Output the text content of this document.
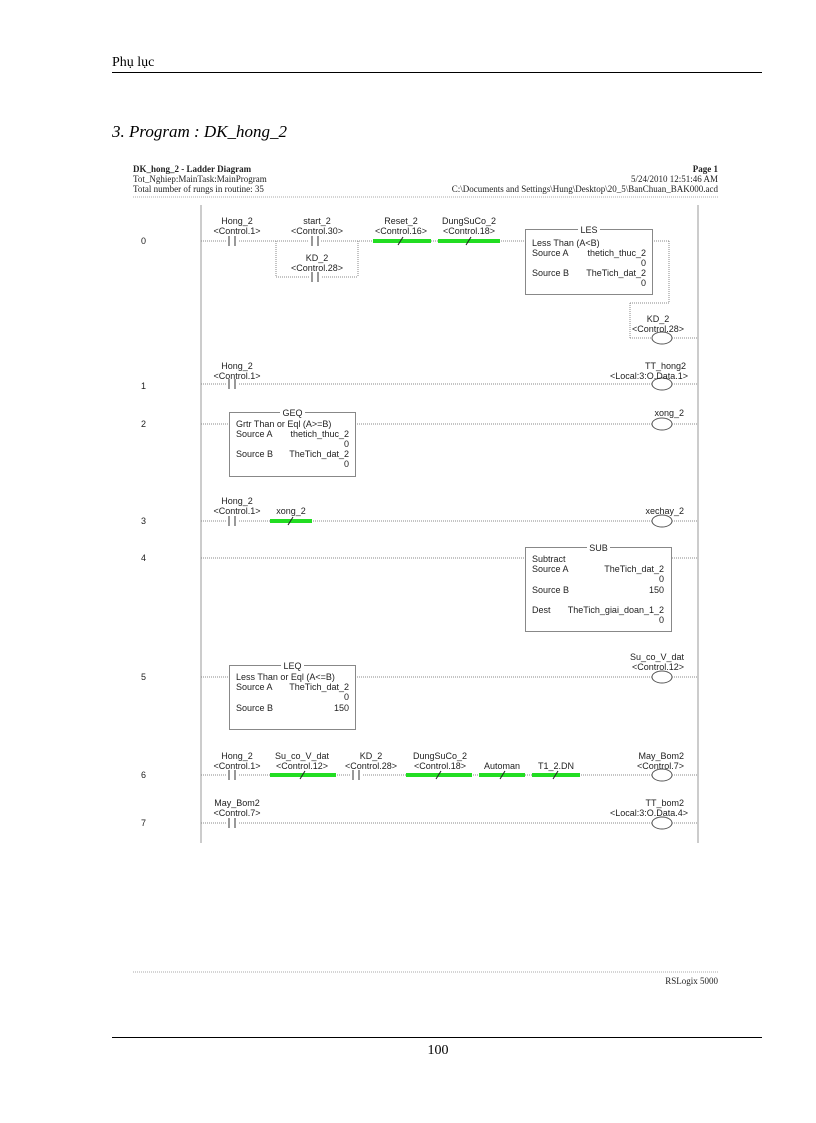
Phụ lục
3. Program : DK_hong_2
DK_hong_2 - Ladder Diagram	Page 1
Tot_Nghiep:MainTask:MainProgram	5/24/2010 12:51:46 AM
Total number of rungs in routine: 35	C:\Documents and Settings\Hung\Desktop\20_5\BanChuan_BAK000.acd
0
1
2
3
4
5
6
7
Hong_2
<Control.1>
start_2
<Control.30>
KD_2
<Control.28>
Reset_2
<Control.16>
DungSuCo_2
<Control.18>	LES
Less Than (A<B)
Source A thetich_thuc_2
0
Source B TheTich_dat_2
0
KD_2
<Control.28>
Hong_2
<Control.1>
TT_hong2
<Local:3:O.Data.1>
GEQ
Grtr Than or Eql (A>=B)
Source A thetich_thuc_2
0
Source B TheTich_dat_2
0
xong_2
Hong_2
<Control.1>	xong_2	xechay_2
SUB
Subtract
Source A	TheTich_dat_2
0
Source B	150
Dest TheTich_giai_doan_1_2
0
LEQ
Less Than or Eql (A<=B)
Source A TheTich_dat_2
0
Source B	150
Su_co_V_dat
<Control.12>
Hong_2
<Control.1>
Su_co_V_dat
<Control.12>
KD_2
<Control.28>
DungSuCo_2
<Control.18>	Automan	T1_2.DN
May_Bom2
<Control.7>
May_Bom2
<Control.7>
TT_bom2
<Local:3:O.Data.4>
RSLogix 5000
100
